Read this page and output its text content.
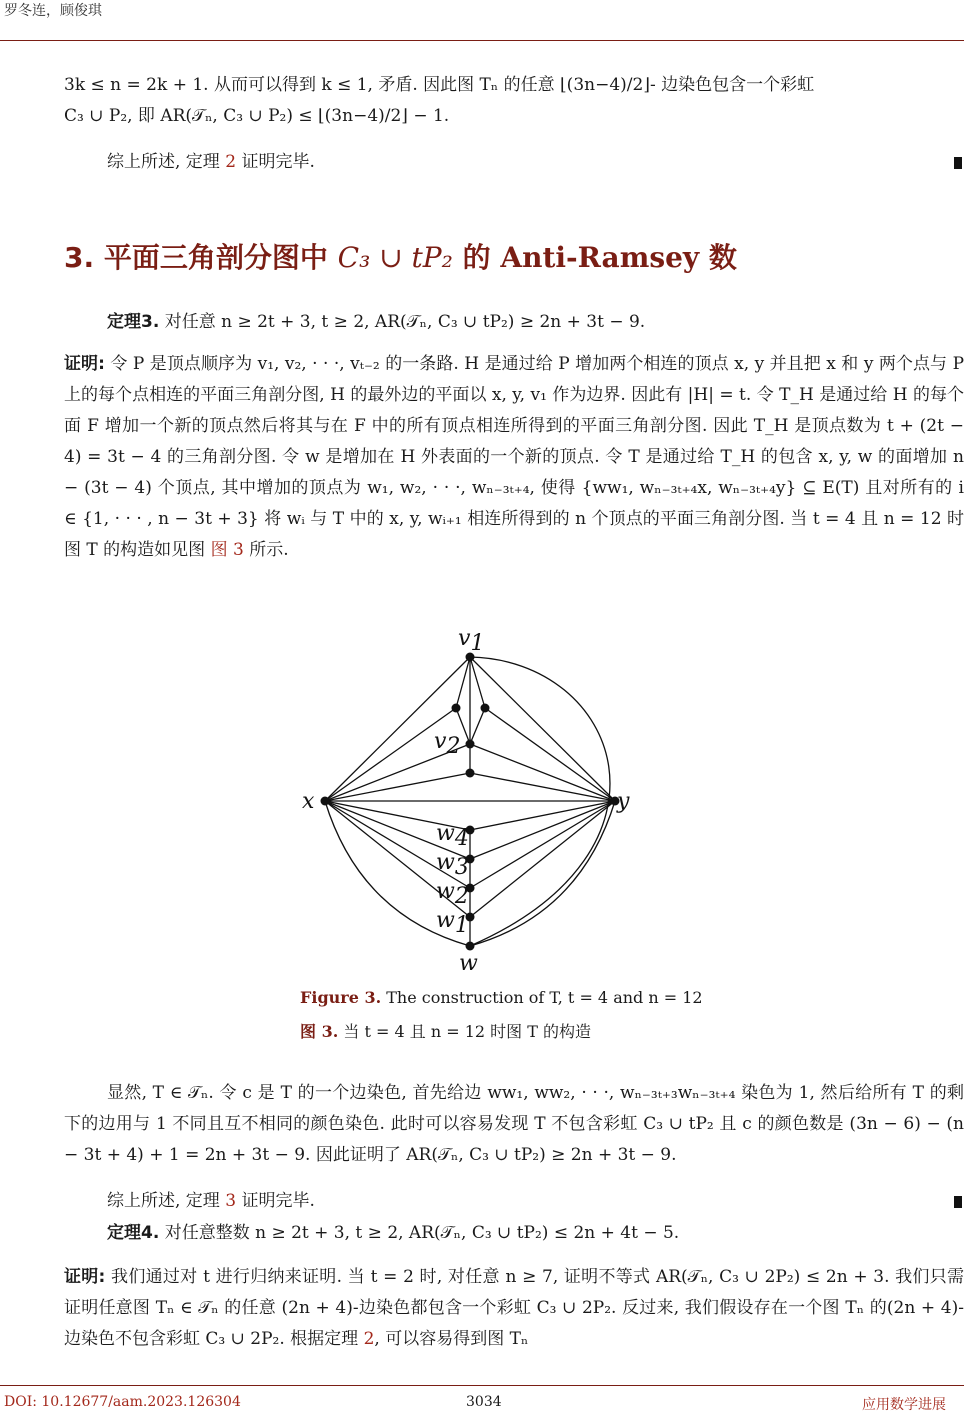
罗冬连，顾俊琪

3k ≤ n = 2k + 1. 从而可以得到 k ≤ 1, 矛盾. 因此图 Tₙ 的任意 ⌊(3n−4)/2⌋- 边染色包含一个彩虹
C₃ ∪ P₂, 即 AR(𝒯ₙ, C₃ ∪ P₂) ≤ ⌊(3n−4)/2⌋ − 1.

综上所述, 定理 2 证明完毕.

3. 平面三角剖分图中 C₃ ∪ tP₂ 的 Anti-Ramsey 数

定理3. 对任意 n ≥ 2t + 3, t ≥ 2, AR(𝒯ₙ, C₃ ∪ tP₂) ≥ 2n + 3t − 9.

证明: 令 P 是顶点顺序为 v₁, v₂, · · ·, vₜ₋₂ 的一条路. H 是通过给 P 增加两个相连的顶点 x, y 并且把 x 和 y 两个点与 P 上的每个点相连的平面三角剖分图, H 的最外边的平面以 x, y, v₁ 作为边界. 因此有 |H| = t. 令 T_H 是通过给 H 的每个面 F 增加一个新的顶点然后将其与在 F 中的所有顶点相连所得到的平面三角剖分图. 因此 T_H 是顶点数为 t + (2t − 4) = 3t − 4 的三角剖分图. 令 w 是增加在 H 外表面的一个新的顶点. 令 T 是通过给 T_H 的包含 x, y, w 的面增加 n − (3t − 4) 个顶点, 其中增加的顶点为 w₁, w₂, · · ·, wₙ₋₃ₜ₊₄, 使得 {ww₁, wₙ₋₃ₜ₊₄x, wₙ₋₃ₜ₊₄y} ⊆ E(T) 且对所有的 i ∈ {1, · · · , n − 3t + 3} 将 wᵢ 与 T 中的 x, y, wᵢ₊₁ 相连所得到的 n 个顶点的平面三角剖分图. 当 t = 4 且 n = 12 时图 T 的构造如见图 图 3 所示.

v1
v2
x	y
w4
w3
w2
w1
w
Figure 3. The construction of T, t = 4 and n = 12
图 3. 当 t = 4 且 n = 12 时图 T 的构造

显然, T ∈ 𝒯ₙ. 令 c 是 T 的一个边染色, 首先给边 ww₁, ww₂, · · ·, wₙ₋₃ₜ₊₃wₙ₋₃ₜ₊₄ 染色为 1, 然后给所有 T 的剩下的边用与 1 不同且互不相同的颜色染色. 此时可以容易发现 T 不包含彩虹 C₃ ∪ tP₂ 且 c 的颜色数是 (3n − 6) − (n − 3t + 4) + 1 = 2n + 3t − 9. 因此证明了 AR(𝒯ₙ, C₃ ∪ tP₂) ≥ 2n + 3t − 9.

综上所述, 定理 3 证明完毕.

定理4. 对任意整数 n ≥ 2t + 3, t ≥ 2, AR(𝒯ₙ, C₃ ∪ tP₂) ≤ 2n + 4t − 5.

证明: 我们通过对 t 进行归纳来证明. 当 t = 2 时, 对任意 n ≥ 7, 证明不等式 AR(𝒯ₙ, C₃ ∪ 2P₂) ≤ 2n + 3. 我们只需证明任意图 Tₙ ∈ 𝒯ₙ 的任意 (2n + 4)-边染色都包含一个彩虹 C₃ ∪ 2P₂. 反过来, 我们假设存在一个图 Tₙ 的(2n + 4)-边染色不包含彩虹 C₃ ∪ 2P₂. 根据定理 2, 可以容易得到图 Tₙ

DOI: 10.12677/aam.2023.126304	3034	应用数学进展
